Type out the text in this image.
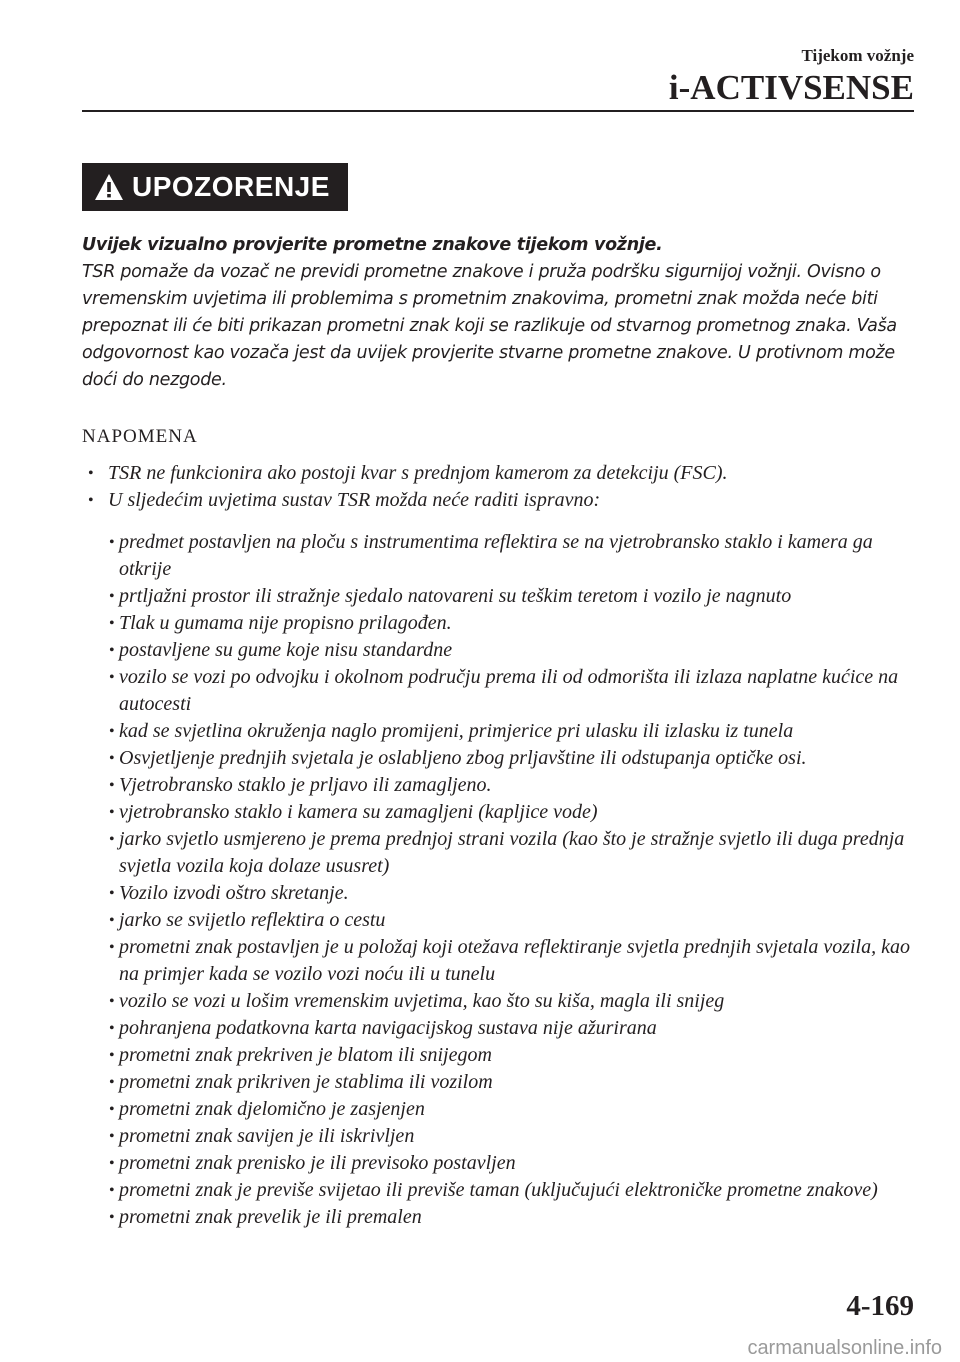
Tijekom vožnje
i-ACTIVSENSE
UPOZORENJE
Uvijek vizualno provjerite prometne znakove tijekom vožnje.
TSR pomaže da vozač ne previdi prometne znakove i pruža podršku sigurnijoj vožnji. Ovisno o vremenskim uvjetima ili problemima s prometnim znakovima, prometni znak možda neće biti prepoznat ili će biti prikazan prometni znak koji se razlikuje od stvarnog prometnog znaka. Vaša odgovornost kao vozača jest da uvijek provjerite stvarne prometne znakove. U protivnom može doći do nezgode.
NAPOMENA
• TSR ne funkcionira ako postoji kvar s prednjom kamerom za detekciju (FSC).
• U sljedećim uvjetima sustav TSR možda neće raditi ispravno:
• predmet postavljen na ploču s instrumentima reflektira se na vjetrobransko staklo i kamera ga otkrije
• prtljažni prostor ili stražnje sjedalo natovareni su teškim teretom i vozilo je nagnuto
• Tlak u gumama nije propisno prilagođen.
• postavljene su gume koje nisu standardne
• vozilo se vozi po odvojku i okolnom području prema ili od odmorišta ili izlaza naplatne kućice na autocesti
• kad se svjetlina okruženja naglo promijeni, primjerice pri ulasku ili izlasku iz tunela
• Osvjetljenje prednjih svjetala je oslabljeno zbog prljavštine ili odstupanja optičke osi.
• Vjetrobransko staklo je prljavo ili zamagljeno.
• vjetrobransko staklo i kamera su zamagljeni (kapljice vode)
• jarko svjetlo usmjereno je prema prednjoj strani vozila (kao što je stražnje svjetlo ili duga prednja svjetla vozila koja dolaze ususret)
• Vozilo izvodi oštro skretanje.
• jarko se svijetlo reflektira o cestu
• prometni znak postavljen je u položaj koji otežava reflektiranje svjetla prednjih svjetala vozila, kao na primjer kada se vozilo vozi noću ili u tunelu
• vozilo se vozi u lošim vremenskim uvjetima, kao što su kiša, magla ili snijeg
• pohranjena podatkovna karta navigacijskog sustava nije ažurirana
• prometni znak prekriven je blatom ili snijegom
• prometni znak prikriven je stablima ili vozilom
• prometni znak djelomično je zasjenjen
• prometni znak savijen je ili iskrivljen
• prometni znak prenisko je ili previsoko postavljen
• prometni znak je previše svijetao ili previše taman (uključujući elektroničke prometne znakove)
• prometni znak prevelik je ili premalen
4-169
carmanualsonline.info
